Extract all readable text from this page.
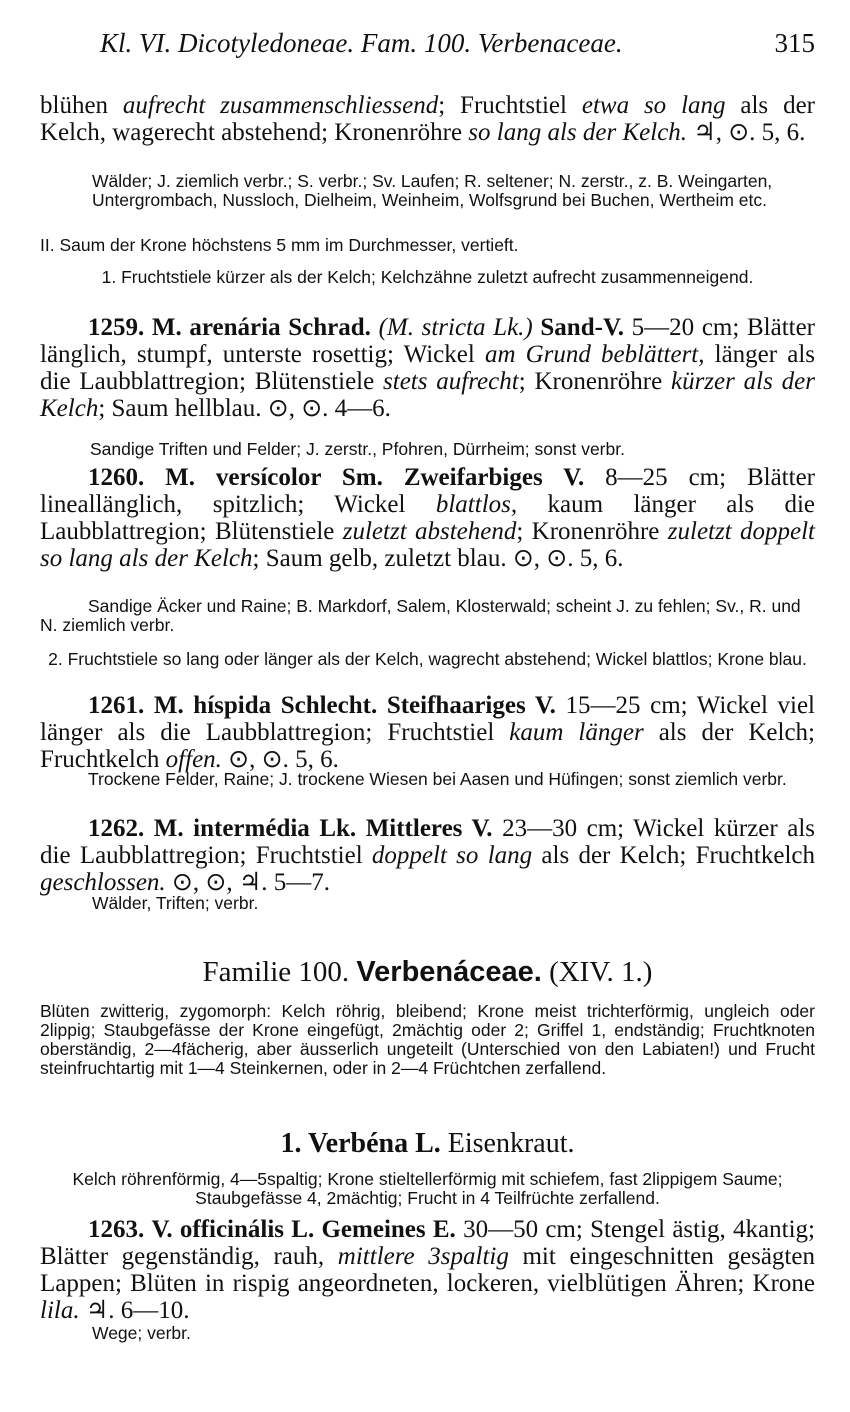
Kl. VI. Dicotyledoneae. Fam. 100. Verbenaceae.	315
blühen aufrecht zusammenschliessend; Fruchtstiel etwa so lang als der Kelch, wagerecht abstehend; Kronenröhre so lang als der Kelch. ♃, ⊙. 5, 6.
Wälder; J. ziemlich verbr.; S. verbr.; Sv. Laufen; R. seltener; N. zerstr., z. B. Weingarten, Untergrombach, Nussloch, Dielheim, Weinheim, Wolfsgrund bei Buchen, Wertheim etc.
II. Saum der Krone höchstens 5 mm im Durchmesser, vertieft.
1. Fruchtstiele kürzer als der Kelch; Kelchzähne zuletzt aufrecht zusammenneigend.
1259. M. arenária Schrad. (M. stricta Lk.) Sand-V. 5—20 cm; Blätter länglich, stumpf, unterste rosettig; Wickel am Grund beblättert, länger als die Laubblattregion; Blütenstiele stets aufrecht; Kronenröhre kürzer als der Kelch; Saum hellblau. ⊙, ⊙. 4—6.
Sandige Triften und Felder; J. zerstr., Pfohren, Dürrheim; sonst verbr.
1260. M. versícolor Sm. Zweifarbiges V. 8—25 cm; Blätter lineallänglich, spitzlich; Wickel blattlos, kaum länger als die Laubblattregion; Blütenstiele zuletzt abstehend; Kronenröhre zuletzt doppelt so lang als der Kelch; Saum gelb, zuletzt blau. ⊙, ⊙. 5, 6.
Sandige Äcker und Raine; B. Markdorf, Salem, Klosterwald; scheint J. zu fehlen; Sv., R. und N. ziemlich verbr.
2. Fruchtstiele so lang oder länger als der Kelch, wagrecht abstehend; Wickel blattlos; Krone blau.
1261. M. híspida Schlecht. Steifhaariges V. 15—25 cm; Wickel viel länger als die Laubblattregion; Fruchtstiel kaum länger als der Kelch; Fruchtkelch offen. ⊙, ⊙. 5, 6.
Trockene Felder, Raine; J. trockene Wiesen bei Aasen und Hüfingen; sonst ziemlich verbr.
1262. M. intermédia Lk. Mittleres V. 23—30 cm; Wickel kürzer als die Laubblattregion; Fruchtstiel doppelt so lang als der Kelch; Fruchtkelch geschlossen. ⊙, ⊙, ♃. 5—7.
Wälder, Triften; verbr.
Familie 100. Verbenáceae. (XIV. 1.)
Blüten zwitterig, zygomorph: Kelch röhrig, bleibend; Krone meist trichterförmig, ungleich oder 2lippig; Staubgefässe der Krone eingefügt, 2mächtig oder 2; Griffel 1, endständig; Fruchtknoten oberständig, 2—4fächerig, aber äusserlich ungeteilt (Unterschied von den Labiaten!) und Frucht steinfruchtartig mit 1—4 Steinkernen, oder in 2—4 Früchtchen zerfallend.
1. Verbéna L. Eisenkraut.
Kelch röhrenförmig, 4—5spaltig; Krone stieltellerförmig mit schiefem, fast 2lippigem Saume; Staubgefässe 4, 2mächtig; Frucht in 4 Teilfrüchte zerfallend.
1263. V. officinális L. Gemeines E. 30—50 cm; Stengel ästig, 4kantig; Blätter gegenständig, rauh, mittlere 3spaltig mit eingeschnitten gesägten Lappen; Blüten in rispig angeordneten, lockeren, vielblütigen Ähren; Krone lila. ♃. 6—10.
Wege; verbr.
